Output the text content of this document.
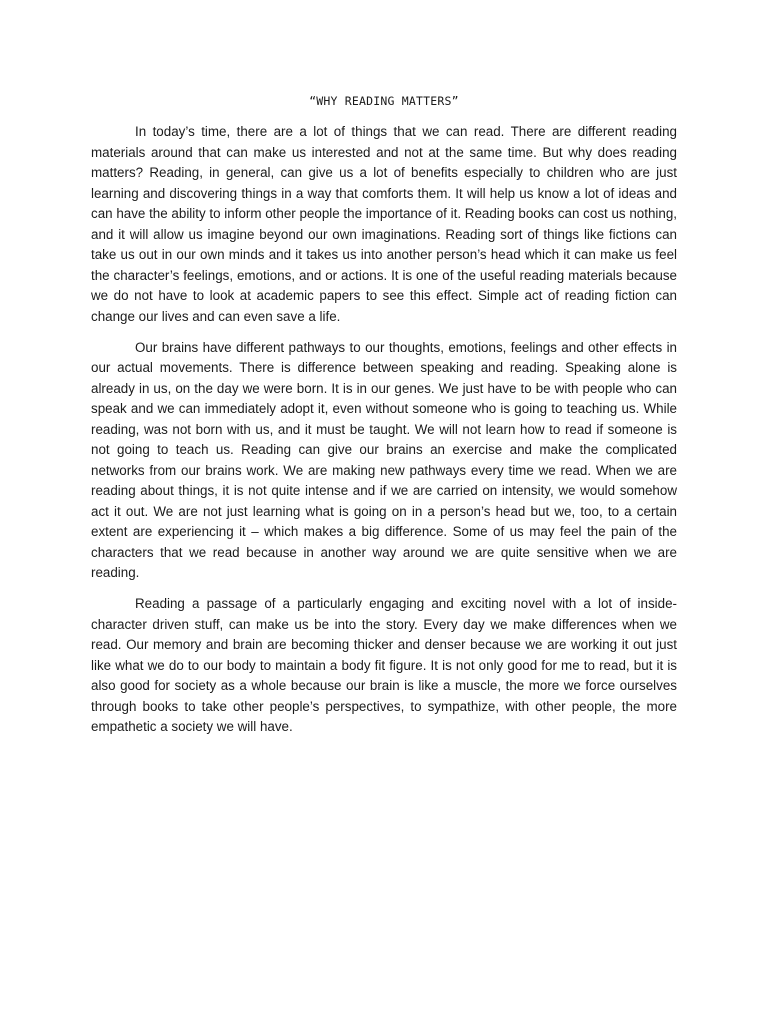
“WHY READING MATTERS”

In today’s time, there are a lot of things that we can read. There are different reading materials around that can make us interested and not at the same time. But why does reading matters? Reading, in general, can give us a lot of benefits especially to children who are just learning and discovering things in a way that comforts them. It will help us know a lot of ideas and can have the ability to inform other people the importance of it. Reading books can cost us nothing, and it will allow us imagine beyond our own imaginations. Reading sort of things like fictions can take us out in our own minds and it takes us into another person’s head which it can make us feel the character’s feelings, emotions, and or actions. It is one of the useful reading materials because we do not have to look at academic papers to see this effect. Simple act of reading fiction can change our lives and can even save a life.

Our brains have different pathways to our thoughts, emotions, feelings and other effects in our actual movements. There is difference between speaking and reading. Speaking alone is already in us, on the day we were born. It is in our genes. We just have to be with people who can speak and we can immediately adopt it, even without someone who is going to teaching us. While reading, was not born with us, and it must be taught. We will not learn how to read if someone is not going to teach us. Reading can give our brains an exercise and make the complicated networks from our brains work. We are making new pathways every time we read. When we are reading about things, it is not quite intense and if we are carried on intensity, we would somehow act it out. We are not just learning what is going on in a person’s head but we, too, to a certain extent are experiencing it – which makes a big difference. Some of us may feel the pain of the characters that we read because in another way around we are quite sensitive when we are reading.

Reading a passage of a particularly engaging and exciting novel with a lot of inside-character driven stuff, can make us be into the story. Every day we make differences when we read. Our memory and brain are becoming thicker and denser because we are working it out just like what we do to our body to maintain a body fit figure. It is not only good for me to read, but it is also good for society as a whole because our brain is like a muscle, the more we force ourselves through books to take other people’s perspectives, to sympathize, with other people, the more empathetic a society we will have.
